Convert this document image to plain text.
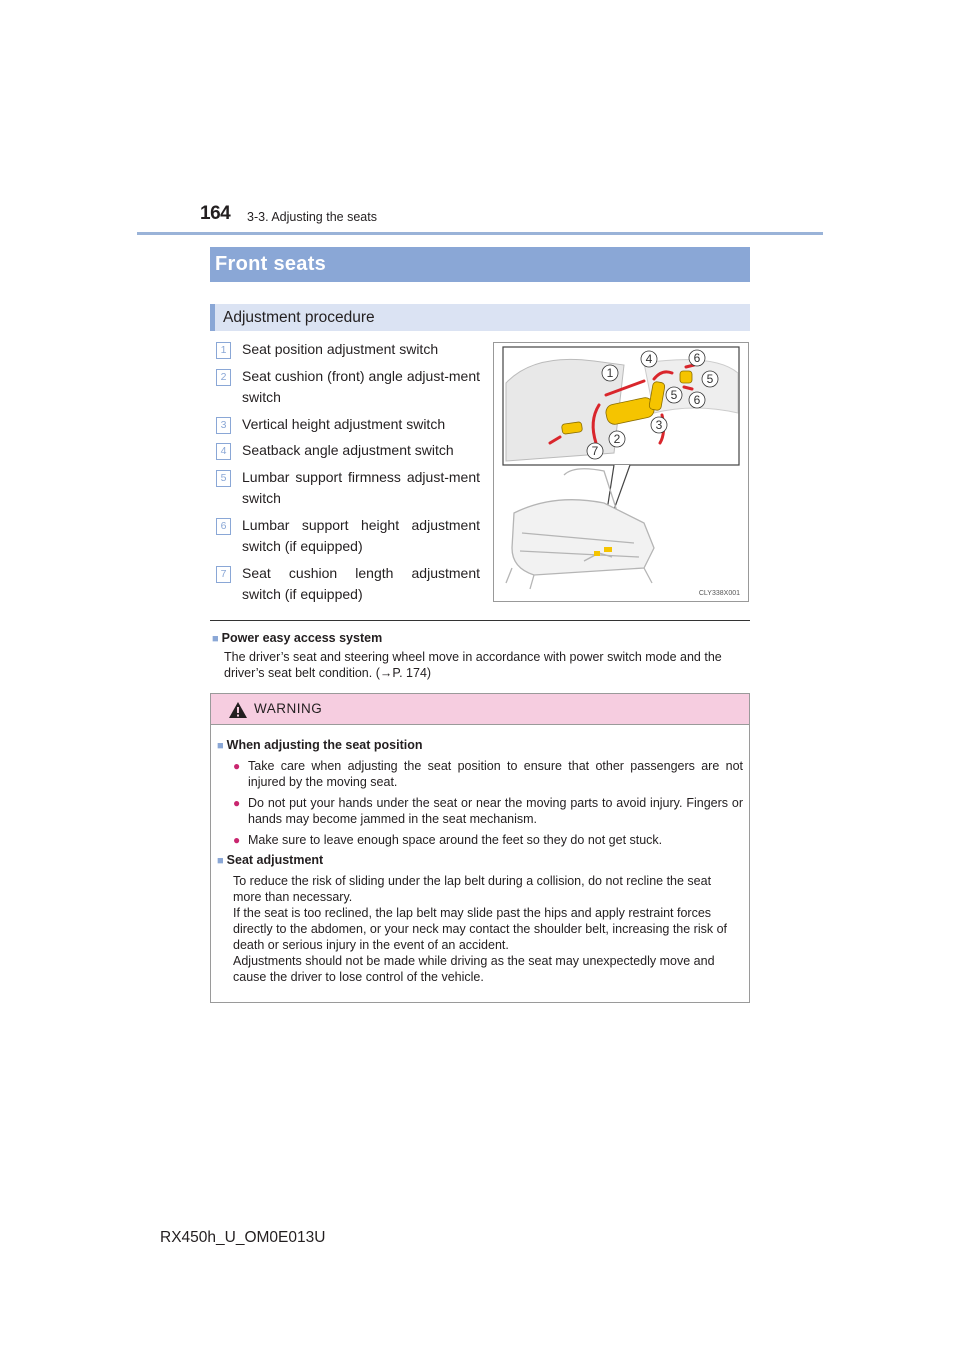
164 3-3. Adjusting the seats
Front seats
Adjustment procedure
1	Seat position adjustment switch
2	Seat cushion (front) angle adjust-ment switch
3	Vertical height adjustment switch
4	Seatback angle adjustment switch
5	Lumbar support firmness adjust-ment switch
6	Lumbar support height adjustment switch (if equipped)
7	Seat cushion length adjustment switch (if equipped)
1
2
3
4
5
5
6
6
7
CLY338X001
■ Power easy access system
The driver’s seat and steering wheel move in accordance with power switch mode and the driver’s seat belt condition. (→P. 174)
WARNING
■ When adjusting the seat position
● Take care when adjusting the seat position to ensure that other passengers are not injured by the moving seat.
● Do not put your hands under the seat or near the moving parts to avoid injury. Fingers or hands may become jammed in the seat mechanism.
● Make sure to leave enough space around the feet so they do not get stuck.
■ Seat adjustment
To reduce the risk of sliding under the lap belt during a collision, do not recline the seat more than necessary.
If the seat is too reclined, the lap belt may slide past the hips and apply restraint forces directly to the abdomen, or your neck may contact the shoulder belt, increasing the risk of death or serious injury in the event of an accident.
Adjustments should not be made while driving as the seat may unexpectedly move and cause the driver to lose control of the vehicle.
RX450h_U_OM0E013U
